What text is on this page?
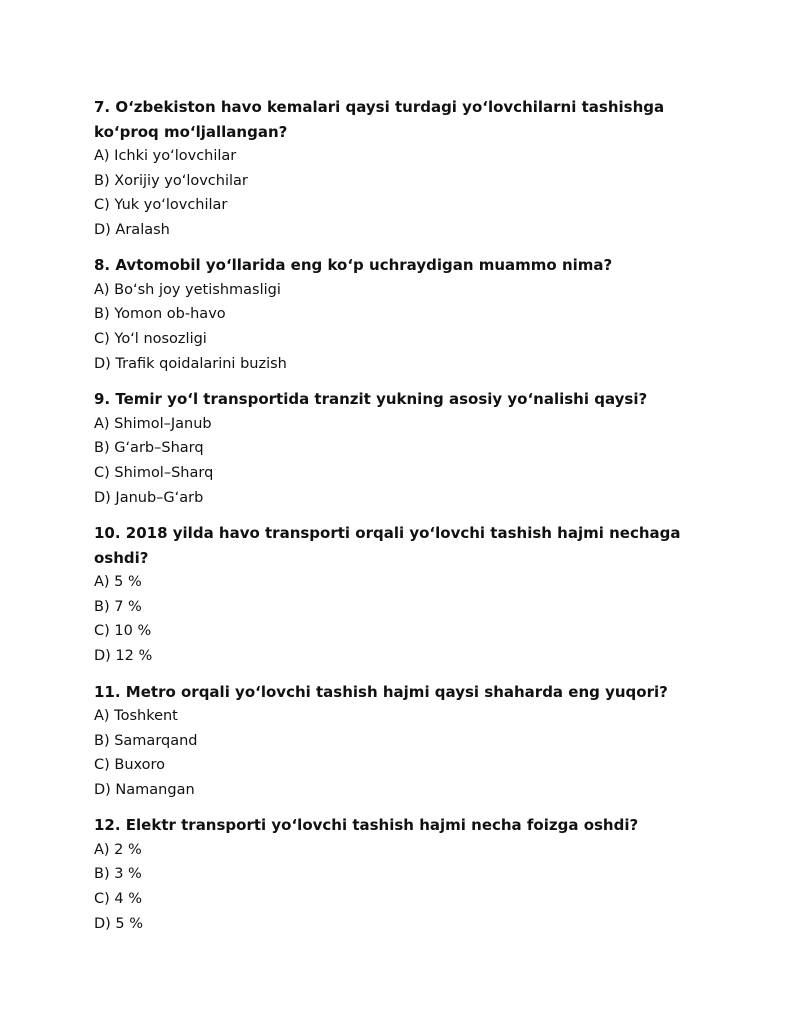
7. O‘zbekiston havo kemalari qaysi turdagi yo‘lovchilarni tashishga ko‘proq mo‘ljallangan?

A) Ichki yo‘lovchilar
B) Xorijiy yo‘lovchilar
C) Yuk yo‘lovchilar
D) Aralash

8. Avtomobil yo‘llarida eng ko‘p uchraydigan muammo nima?

A) Bo‘sh joy yetishmasligi
B) Yomon ob-havo
C) Yo‘l nosozligi
D) Trafik qoidalarini buzish

9. Temir yo‘l transportida tranzit yukning asosiy yo‘nalishi qaysi?

A) Shimol–Janub
B) G‘arb–Sharq
C) Shimol–Sharq
D) Janub–G‘arb

10. 2018 yilda havo transporti orqali yo‘lovchi tashish hajmi nechaga oshdi?

A) 5 %
B) 7 %
C) 10 %
D) 12 %

11. Metro orqali yo‘lovchi tashish hajmi qaysi shaharda eng yuqori?

A) Toshkent
B) Samarqand
C) Buxoro
D) Namangan

12. Elektr transporti yo‘lovchi tashish hajmi necha foizga oshdi?

A) 2 %
B) 3 %
C) 4 %
D) 5 %
